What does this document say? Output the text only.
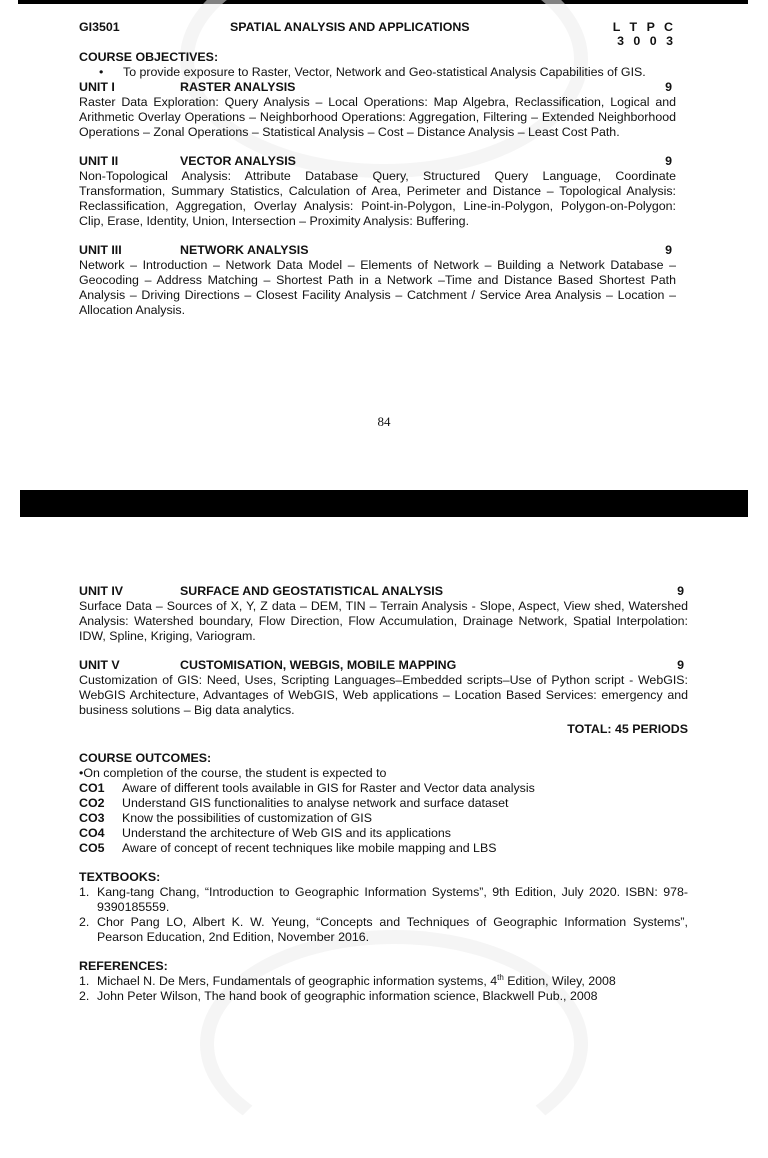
GI3501	SPATIAL ANALYSIS AND APPLICATIONS	L T P C
3 0 0 3
COURSE OBJECTIVES:
•	To provide exposure to Raster, Vector, Network and Geo-statistical Analysis Capabilities of GIS.
UNIT I	RASTER ANALYSIS	9
Raster Data Exploration: Query Analysis – Local Operations: Map Algebra, Reclassification, Logical and Arithmetic Overlay Operations – Neighborhood Operations: Aggregation, Filtering – Extended Neighborhood Operations – Zonal Operations – Statistical Analysis – Cost – Distance Analysis – Least Cost Path.
UNIT II	VECTOR ANALYSIS	9
Non-Topological Analysis: Attribute Database Query, Structured Query Language, Coordinate Transformation, Summary Statistics, Calculation of Area, Perimeter and Distance – Topological Analysis: Reclassification, Aggregation, Overlay Analysis: Point-in-Polygon, Line-in-Polygon, Polygon-on-Polygon: Clip, Erase, Identity, Union, Intersection – Proximity Analysis: Buffering.
UNIT III	NETWORK ANALYSIS	9
Network – Introduction – Network Data Model – Elements of Network – Building a Network Database – Geocoding – Address Matching – Shortest Path in a Network –Time and Distance Based Shortest Path Analysis – Driving Directions – Closest Facility Analysis – Catchment / Service Area Analysis – Location – Allocation Analysis.
84
UNIT IV	SURFACE AND GEOSTATISTICAL ANALYSIS	9
Surface Data – Sources of X, Y, Z data – DEM, TIN – Terrain Analysis - Slope, Aspect, View shed, Watershed Analysis: Watershed boundary, Flow Direction, Flow Accumulation, Drainage Network, Spatial Interpolation: IDW, Spline, Kriging, Variogram.
UNIT V	CUSTOMISATION, WEBGIS, MOBILE MAPPING	9
Customization of GIS: Need, Uses, Scripting Languages–Embedded scripts–Use of Python script - WebGIS: WebGIS Architecture, Advantages of WebGIS, Web applications – Location Based Services: emergency and business solutions – Big data analytics.
TOTAL: 45 PERIODS
COURSE OUTCOMES:
•On completion of the course, the student is expected to
CO1	Aware of different tools available in GIS for Raster and Vector data analysis
CO2	Understand GIS functionalities to analyse network and surface dataset
CO3	Know the possibilities of customization of GIS
CO4	Understand the architecture of Web GIS and its applications
CO5	Aware of concept of recent techniques like mobile mapping and LBS
TEXTBOOKS:
1. Kang-tang Chang, “Introduction to Geographic Information Systems”, 9th Edition, July 2020. ISBN: 978-9390185559.
2. Chor Pang LO, Albert K. W. Yeung, “Concepts and Techniques of Geographic Information Systems”, Pearson Education, 2nd Edition, November 2016.
REFERENCES:
1. Michael N. De Mers, Fundamentals of geographic information systems, 4th Edition, Wiley, 2008
2. John Peter Wilson, The hand book of geographic information science, Blackwell Pub., 2008
